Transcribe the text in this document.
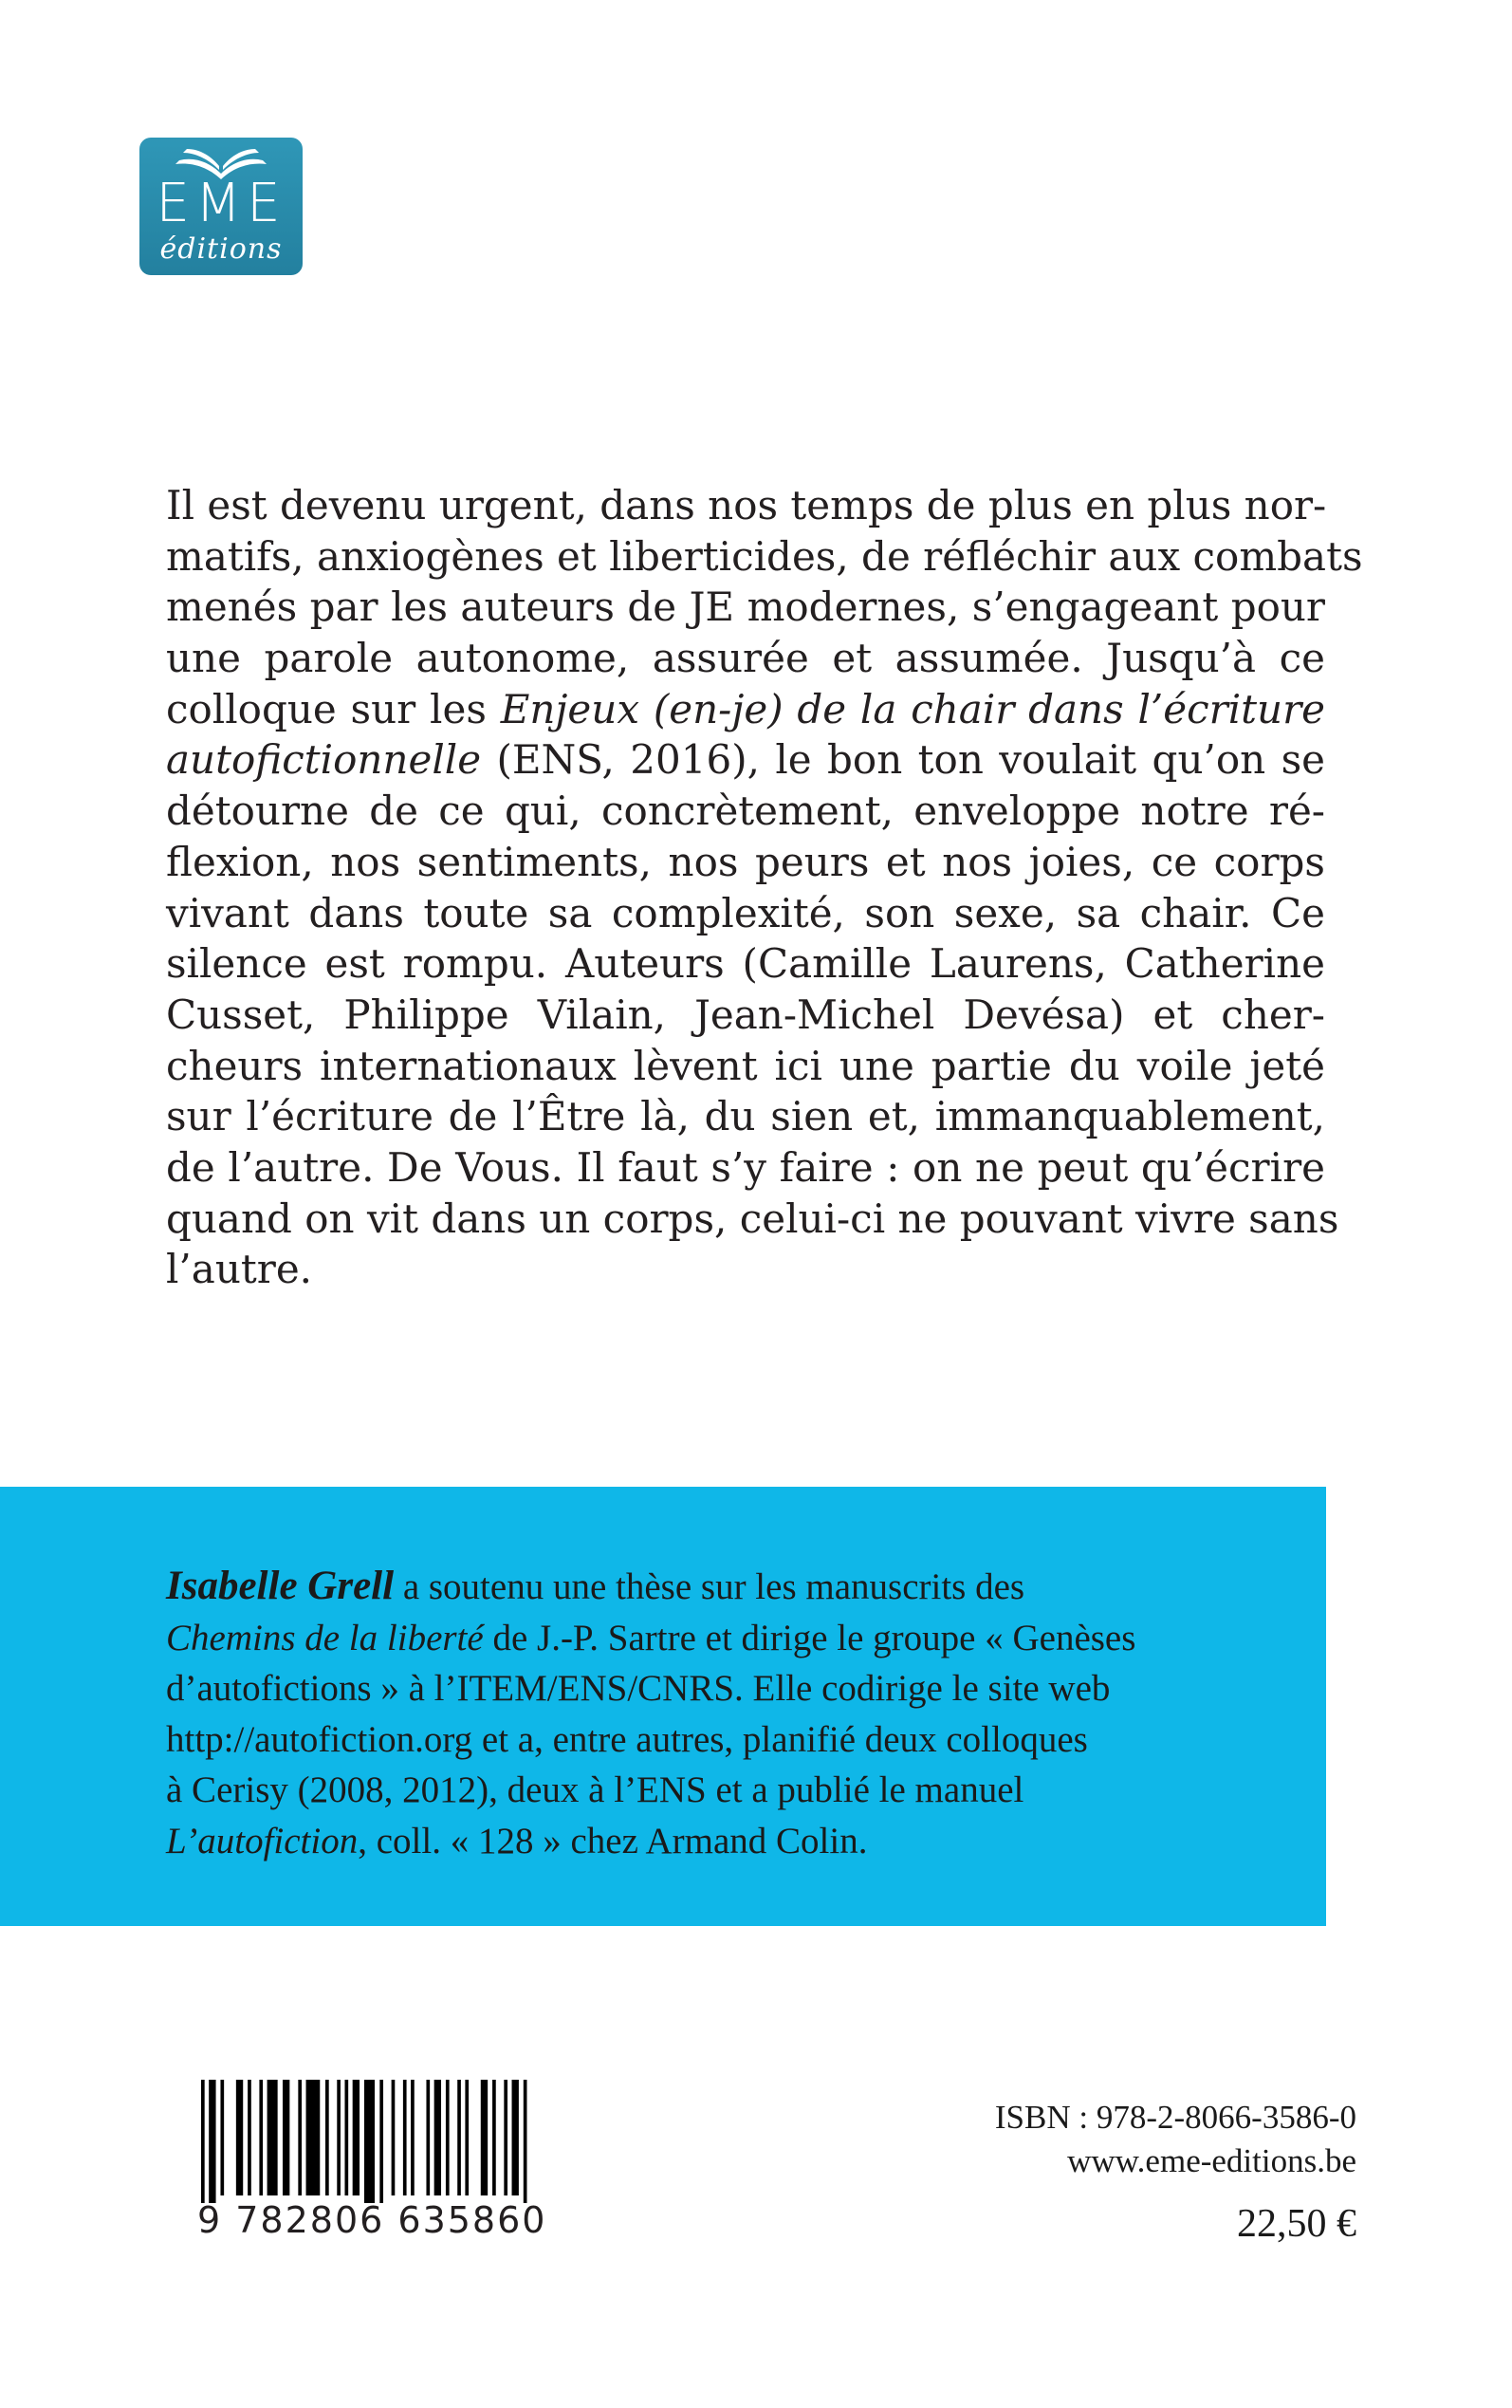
EME
éditions
Il est devenu urgent, dans nos temps de plus en plus nor-
matifs, anxiogènes et liberticides, de réfléchir aux combats
menés par les auteurs de JE modernes, s’engageant pour
une parole autonome, assurée et assumée. Jusqu’à ce
colloque sur les Enjeux (en-je) de la chair dans l’écriture
autofictionnelle (ENS, 2016), le bon ton voulait qu’on se
détourne de ce qui, concrètement, enveloppe notre ré-
flexion, nos sentiments, nos peurs et nos joies, ce corps
vivant dans toute sa complexité, son sexe, sa chair. Ce
silence est rompu. Auteurs (Camille Laurens, Catherine
Cusset, Philippe Vilain, Jean-Michel Devésa) et cher-
cheurs internationaux lèvent ici une partie du voile jeté
sur l’écriture de l’Être là, du sien et, immanquablement,
de l’autre. De Vous. Il faut s’y faire : on ne peut qu’écrire
quand on vit dans un corps, celui-ci ne pouvant vivre sans
l’autre.
Isabelle Grell a soutenu une thèse sur les manuscrits des
Chemins de la liberté de J.-P. Sartre et dirige le groupe « Genèses
d’autofictions » à l’ITEM/ENS/CNRS. Elle codirige le site web
http://autofiction.org et a, entre autres, planifié deux colloques
à Cerisy (2008, 2012), deux à l’ENS et a publié le manuel
L’autofiction, coll. « 128 » chez Armand Colin.
9 782806 635860
ISBN : 978-2-8066-3586-0
www.eme-editions.be
22,50 €
